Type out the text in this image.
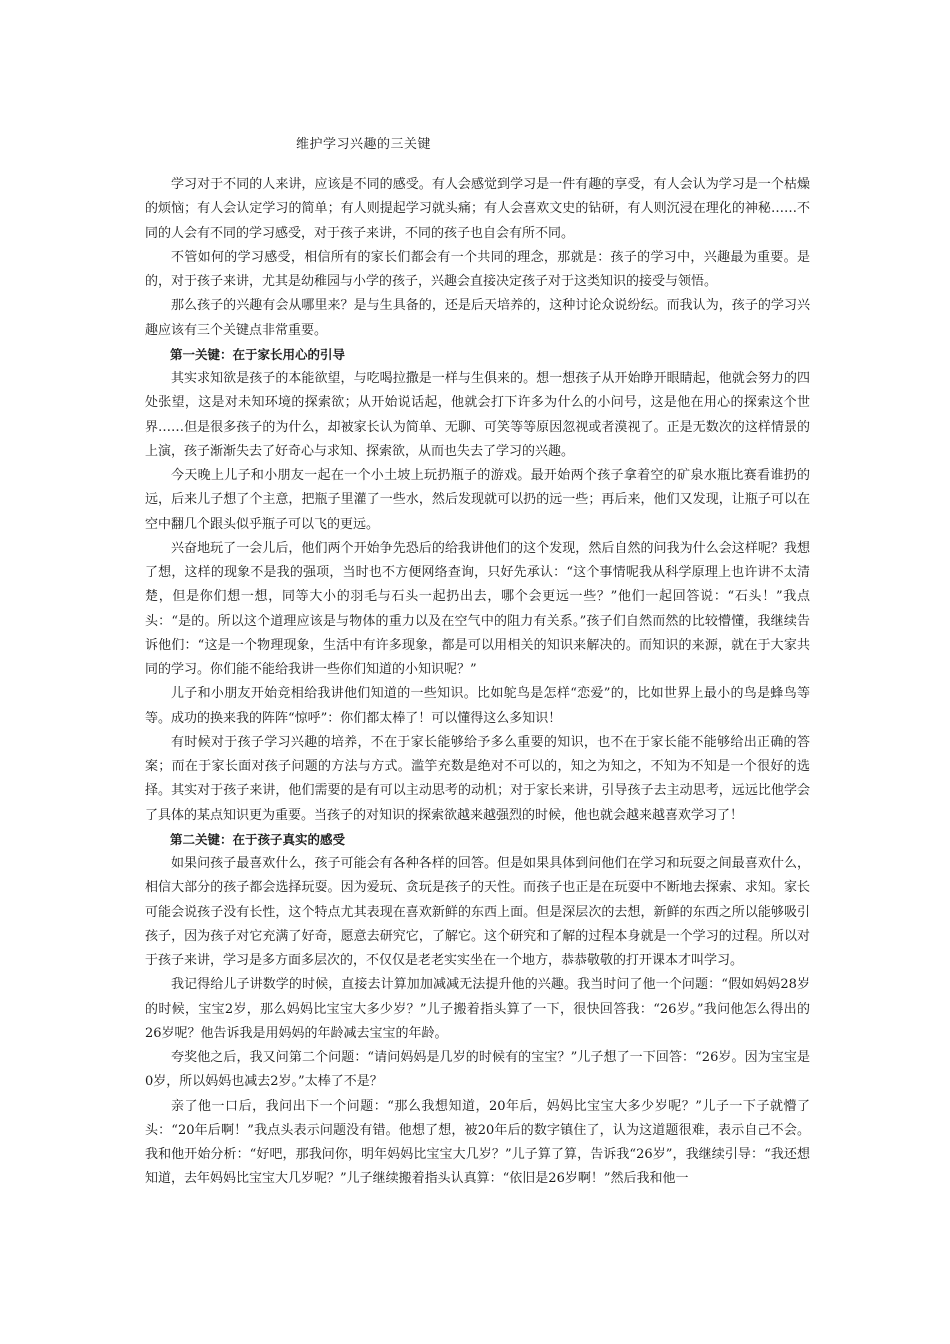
维护学习兴趣的三关键

学习对于不同的人来讲，应该是不同的感受。有人会感觉到学习是一件有趣的享受，有人会认为学习是一个枯燥的烦恼；有人会认定学习的简单；有人则提起学习就头痛；有人会喜欢文史的钻研，有人则沉浸在理化的神秘……不同的人会有不同的学习感受，对于孩子来讲，不同的孩子也自会有所不同。

不管如何的学习感受，相信所有的家长们都会有一个共同的理念，那就是：孩子的学习中，兴趣最为重要。是的，对于孩子来讲，尤其是幼稚园与小学的孩子，兴趣会直接决定孩子对于这类知识的接受与领悟。

那么孩子的兴趣有会从哪里来？是与生具备的，还是后天培养的，这种讨论众说纷纭。而我认为，孩子的学习兴趣应该有三个关键点非常重要。

第一关键：在于家长用心的引导

其实求知欲是孩子的本能欲望，与吃喝拉撒是一样与生俱来的。想一想孩子从开始睁开眼睛起，他就会努力的四处张望，这是对未知环境的探索欲；从开始说话起，他就会打下许多为什么的小问号，这是他在用心的探索这个世界……但是很多孩子的为什么，却被家长认为简单、无聊、可笑等等原因忽视或者漠视了。正是无数次的这样情景的上演，孩子渐渐失去了好奇心与求知、探索欲，从而也失去了学习的兴趣。

今天晚上儿子和小朋友一起在一个小土坡上玩扔瓶子的游戏。最开始两个孩子拿着空的矿泉水瓶比赛看谁扔的远，后来儿子想了个主意，把瓶子里灌了一些水，然后发现就可以扔的远一些；再后来，他们又发现，让瓶子可以在空中翻几个跟头似乎瓶子可以飞的更远。

兴奋地玩了一会儿后，他们两个开始争先恐后的给我讲他们的这个发现，然后自然的问我为什么会这样呢？我想了想，这样的现象不是我的强项，当时也不方便网络查询，只好先承认：“这个事情呢我从科学原理上也许讲不太清楚，但是你们想一想，同等大小的羽毛与石头一起扔出去，哪个会更远一些？”他们一起回答说：“石头！”我点头：“是的。所以这个道理应该是与物体的重力以及在空气中的阻力有关系。”孩子们自然而然的比较懵懂，我继续告诉他们：“这是一个物理现象，生活中有许多现象，都是可以用相关的知识来解决的。而知识的来源，就在于大家共同的学习。你们能不能给我讲一些你们知道的小知识呢？”

儿子和小朋友开始竞相给我讲他们知道的一些知识。比如鸵鸟是怎样“恋爱”的，比如世界上最小的鸟是蜂鸟等等。成功的换来我的阵阵“惊呼”：你们都太棒了！可以懂得这么多知识！

有时候对于孩子学习兴趣的培养，不在于家长能够给予多么重要的知识，也不在于家长能不能够给出正确的答案；而在于家长面对孩子问题的方法与方式。滥竽充数是绝对不可以的，知之为知之，不知为不知是一个很好的选择。其实对于孩子来讲，他们需要的是有可以主动思考的动机；对于家长来讲，引导孩子去主动思考，远远比他学会了具体的某点知识更为重要。当孩子的对知识的探索欲越来越强烈的时候，他也就会越来越喜欢学习了！

第二关键：在于孩子真实的感受

如果问孩子最喜欢什么，孩子可能会有各种各样的回答。但是如果具体到问他们在学习和玩耍之间最喜欢什么，相信大部分的孩子都会选择玩耍。因为爱玩、贪玩是孩子的天性。而孩子也正是在玩耍中不断地去探索、求知。家长可能会说孩子没有长性，这个特点尤其表现在喜欢新鲜的东西上面。但是深层次的去想，新鲜的东西之所以能够吸引孩子，因为孩子对它充满了好奇，愿意去研究它，了解它。这个研究和了解的过程本身就是一个学习的过程。所以对于孩子来讲，学习是多方面多层次的，不仅仅是老老实实坐在一个地方，恭恭敬敬的打开课本才叫学习。

我记得给儿子讲数学的时候，直接去计算加加减减无法提升他的兴趣。我当时问了他一个问题：“假如妈妈28岁的时候，宝宝2岁，那么妈妈比宝宝大多少岁？”儿子搬着指头算了一下，很快回答我：“26岁。”我问他怎么得出的26岁呢？他告诉我是用妈妈的年龄减去宝宝的年龄。

夸奖他之后，我又问第二个问题：“请问妈妈是几岁的时候有的宝宝？”儿子想了一下回答：“26岁。因为宝宝是0岁，所以妈妈也减去2岁。”太棒了不是？

亲了他一口后，我问出下一个问题：“那么我想知道，20年后，妈妈比宝宝大多少岁呢？”儿子一下子就懵了头：“20年后啊！”我点头表示问题没有错。他想了想，被20年后的数字镇住了，认为这道题很难，表示自己不会。我和他开始分析：“好吧，那我问你，明年妈妈比宝宝大几岁？”儿子算了算，告诉我“26岁”，我继续引导：“我还想知道，去年妈妈比宝宝大几岁呢？”儿子继续搬着指头认真算：“依旧是26岁啊！”然后我和他一
